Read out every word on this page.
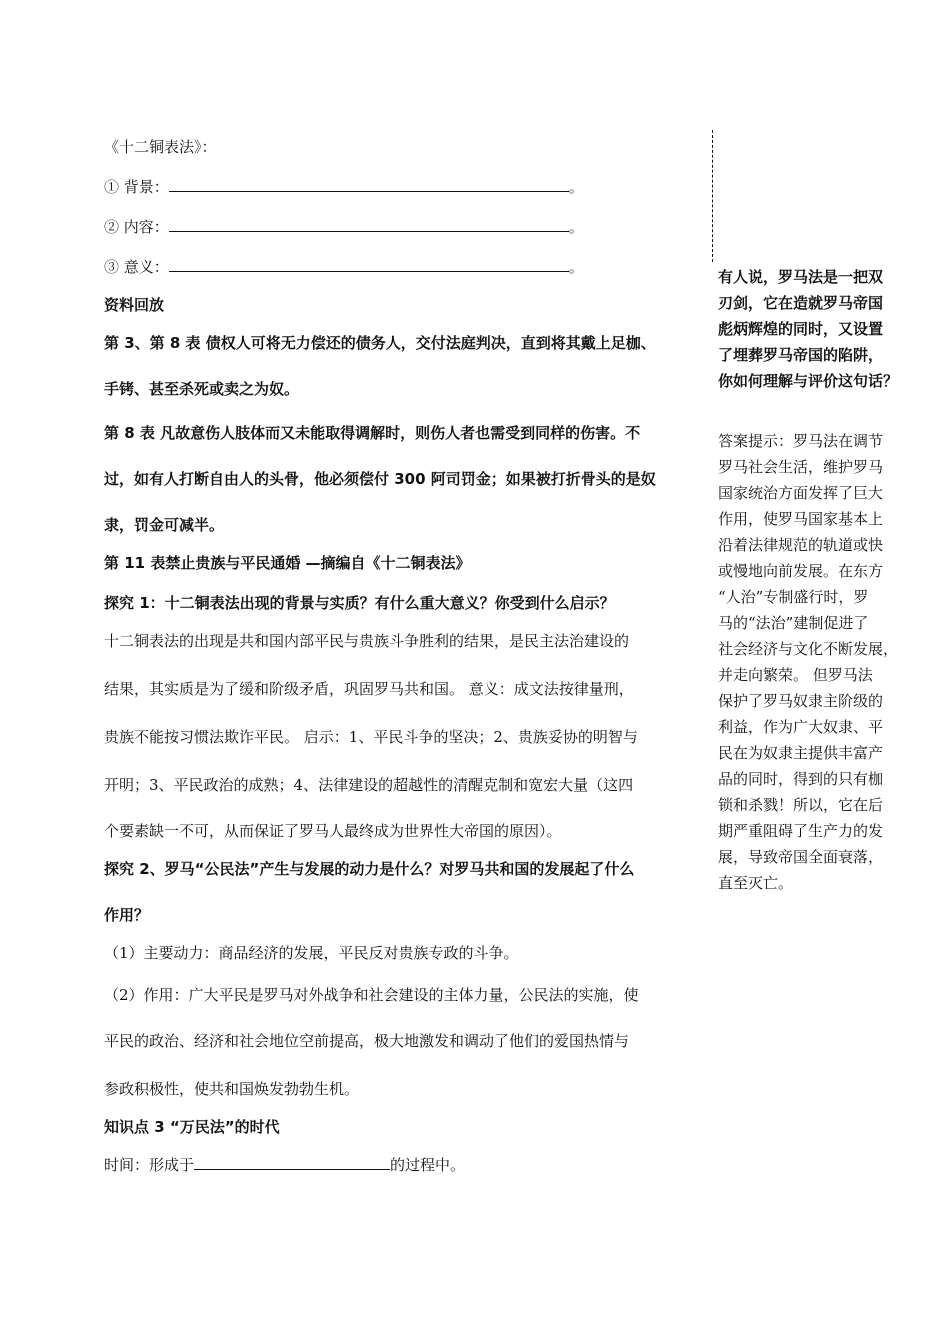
《十二铜表法》：
① 背景：	。
② 内容：	。
③ 意义：	。
资料回放
第 3、第 8 表 债权人可将无力偿还的债务人，交付法庭判决，直到将其戴上足枷、
手铐、甚至杀死或卖之为奴。
第 8 表 凡故意伤人肢体而又未能取得调解时，则伤人者也需受到同样的伤害。不
过，如有人打断自由人的头骨，他必须偿付 300 阿司罚金；如果被打折骨头的是奴
隶，罚金可减半。
第 11 表禁止贵族与平民通婚 —摘编自《十二铜表法》
探究 1：十二铜表法出现的背景与实质？有什么重大意义？你受到什么启示？
十二铜表法的出现是共和国内部平民与贵族斗争胜利的结果，是民主法治建设的
结果，其实质是为了缓和阶级矛盾，巩固罗马共和国。 意义：成文法按律量刑，
贵族不能按习惯法欺诈平民。 启示：1、平民斗争的坚决；2、贵族妥协的明智与
开明；3、平民政治的成熟；4、法律建设的超越性的清醒克制和宽宏大量（这四
个要素缺一不可，从而保证了罗马人最终成为世界性大帝国的原因）。
探究 2、罗马“公民法”产生与发展的动力是什么？对罗马共和国的发展起了什么
作用？
（1）主要动力：商品经济的发展，平民反对贵族专政的斗争。
（2）作用：广大平民是罗马对外战争和社会建设的主体力量，公民法的实施，使
平民的政治、经济和社会地位空前提高，极大地激发和调动了他们的爱国热情与
参政积极性，使共和国焕发勃勃生机。
知识点 3 “万民法”的时代
时间：形成于	的过程中。
有人说，罗马法是一把双
刃剑，它在造就罗马帝国
彪炳辉煌的同时，又设置
了埋葬罗马帝国的陷阱，
你如何理解与评价这句话？
答案提示：罗马法在调节
罗马社会生活，维护罗马
国家统治方面发挥了巨大
作用，使罗马国家基本上
沿着法律规范的轨道或快
或慢地向前发展。在东方
“人治”专制盛行时，罗
马的“法治”建制促进了
社会经济与文化不断发展，
并走向繁荣。 但罗马法
保护了罗马奴隶主阶级的
利益，作为广大奴隶、平
民在为奴隶主提供丰富产
品的同时，得到的只有枷
锁和杀戮！所以，它在后
期严重阻碍了生产力的发
展，导致帝国全面衰落，
直至灭亡。
